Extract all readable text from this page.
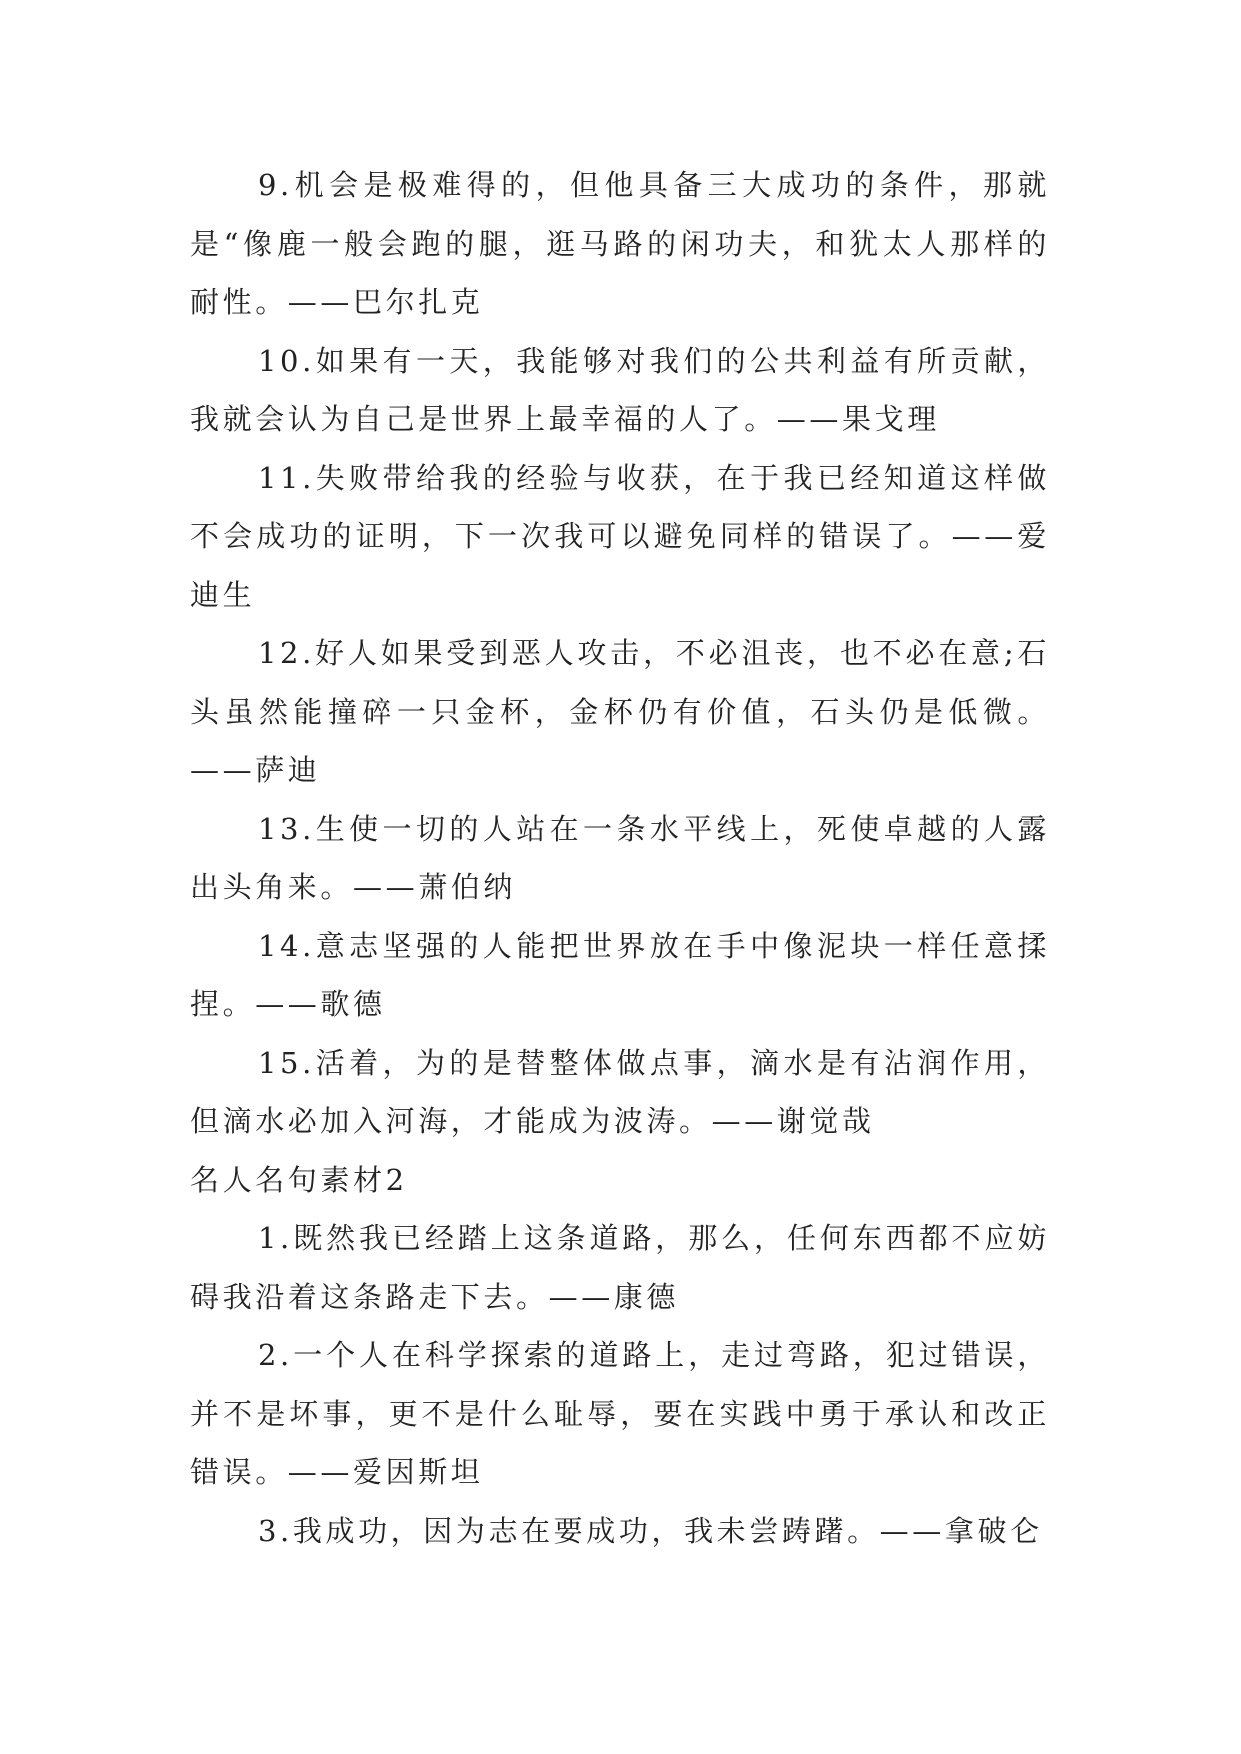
9.机会是极难得的，但他具备三大成功的条件，那就是“像鹿一般会跑的腿，逛马路的闲功夫，和犹太人那样的耐性。——巴尔扎克

10.如果有一天，我能够对我们的公共利益有所贡献，我就会认为自己是世界上最幸福的人了。——果戈理

11.失败带给我的经验与收获，在于我已经知道这样做不会成功的证明，下一次我可以避免同样的错误了。——爱迪生

12.好人如果受到恶人攻击，不必沮丧，也不必在意;石头虽然能撞碎一只金杯，金杯仍有价值，石头仍是低微。——萨迪

13.生使一切的人站在一条水平线上，死使卓越的人露出头角来。——萧伯纳

14.意志坚强的人能把世界放在手中像泥块一样任意揉捏。——歌德

15.活着，为的是替整体做点事，滴水是有沾润作用，但滴水必加入河海，才能成为波涛。——谢觉哉

名人名句素材2

1.既然我已经踏上这条道路，那么，任何东西都不应妨碍我沿着这条路走下去。——康德

2.一个人在科学探索的道路上，走过弯路，犯过错误，并不是坏事，更不是什么耻辱，要在实践中勇于承认和改正错误。——爱因斯坦

3.我成功，因为志在要成功，我未尝踌躇。——拿破仑
